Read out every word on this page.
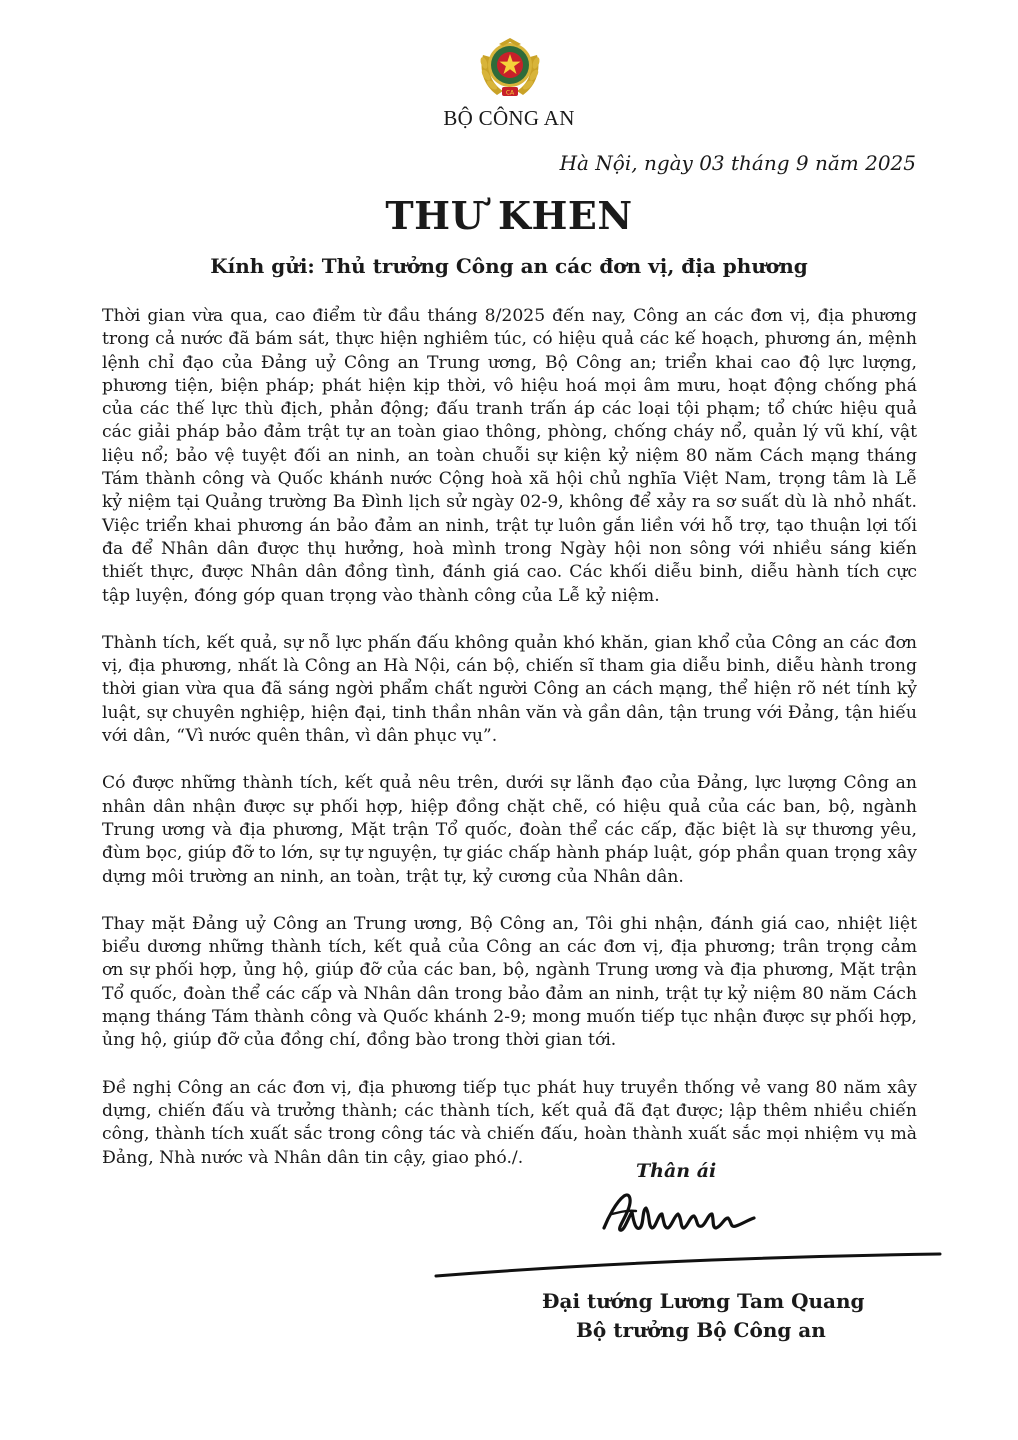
CA
BỘ CÔNG AN
Hà Nội, ngày 03 tháng 9 năm 2025
THƯ KHEN
Kính gửi: Thủ trưởng Công an các đơn vị, địa phương

Thời gian vừa qua, cao điểm từ đầu tháng 8/2025 đến nay, Công an các đơn vị, địa phương trong cả nước đã bám sát, thực hiện nghiêm túc, có hiệu quả các kế hoạch, phương án, mệnh lệnh chỉ đạo của Đảng uỷ Công an Trung ương, Bộ Công an; triển khai cao độ lực lượng, phương tiện, biện pháp; phát hiện kịp thời, vô hiệu hoá mọi âm mưu, hoạt động chống phá của các thế lực thù địch, phản động; đấu tranh trấn áp các loại tội phạm; tổ chức hiệu quả các giải pháp bảo đảm trật tự an toàn giao thông, phòng, chống cháy nổ, quản lý vũ khí, vật liệu nổ; bảo vệ tuyệt đối an ninh, an toàn chuỗi sự kiện kỷ niệm 80 năm Cách mạng tháng Tám thành công và Quốc khánh nước Cộng hoà xã hội chủ nghĩa Việt Nam, trọng tâm là Lễ kỷ niệm tại Quảng trường Ba Đình lịch sử ngày 02-9, không để xảy ra sơ suất dù là nhỏ nhất. Việc triển khai phương án bảo đảm an ninh, trật tự luôn gắn liền với hỗ trợ, tạo thuận lợi tối đa để Nhân dân được thụ hưởng, hoà mình trong Ngày hội non sông với nhiều sáng kiến thiết thực, được Nhân dân đồng tình, đánh giá cao. Các khối diễu binh, diễu hành tích cực tập luyện, đóng góp quan trọng vào thành công của Lễ kỷ niệm.

Thành tích, kết quả, sự nỗ lực phấn đấu không quản khó khăn, gian khổ của Công an các đơn vị, địa phương, nhất là Công an Hà Nội, cán bộ, chiến sĩ tham gia diễu binh, diễu hành trong thời gian vừa qua đã sáng ngời phẩm chất người Công an cách mạng, thể hiện rõ nét tính kỷ luật, sự chuyên nghiệp, hiện đại, tinh thần nhân văn và gần dân, tận trung với Đảng, tận hiếu với dân, “Vì nước quên thân, vì dân phục vụ”.

Có được những thành tích, kết quả nêu trên, dưới sự lãnh đạo của Đảng, lực lượng Công an nhân dân nhận được sự phối hợp, hiệp đồng chặt chẽ, có hiệu quả của các ban, bộ, ngành Trung ương và địa phương, Mặt trận Tổ quốc, đoàn thể các cấp, đặc biệt là sự thương yêu, đùm bọc, giúp đỡ to lớn, sự tự nguyện, tự giác chấp hành pháp luật, góp phần quan trọng xây dựng môi trường an ninh, an toàn, trật tự, kỷ cương của Nhân dân.

Thay mặt Đảng uỷ Công an Trung ương, Bộ Công an, Tôi ghi nhận, đánh giá cao, nhiệt liệt biểu dương những thành tích, kết quả của Công an các đơn vị, địa phương; trân trọng cảm ơn sự phối hợp, ủng hộ, giúp đỡ của các ban, bộ, ngành Trung ương và địa phương, Mặt trận Tổ quốc, đoàn thể các cấp và Nhân dân trong bảo đảm an ninh, trật tự kỷ niệm 80 năm Cách mạng tháng Tám thành công và Quốc khánh 2-9; mong muốn tiếp tục nhận được sự phối hợp, ủng hộ, giúp đỡ của đồng chí, đồng bào trong thời gian tới.

Đề nghị Công an các đơn vị, địa phương tiếp tục phát huy truyền thống vẻ vang 80 năm xây dựng, chiến đấu và trưởng thành; các thành tích, kết quả đã đạt được; lập thêm nhiều chiến công, thành tích xuất sắc trong công tác và chiến đấu, hoàn thành xuất sắc mọi nhiệm vụ mà Đảng, Nhà nước và Nhân dân tin cậy, giao phó./.

Thân ái
Đại tướng Lương Tam Quang
Bộ trưởng Bộ Công an
